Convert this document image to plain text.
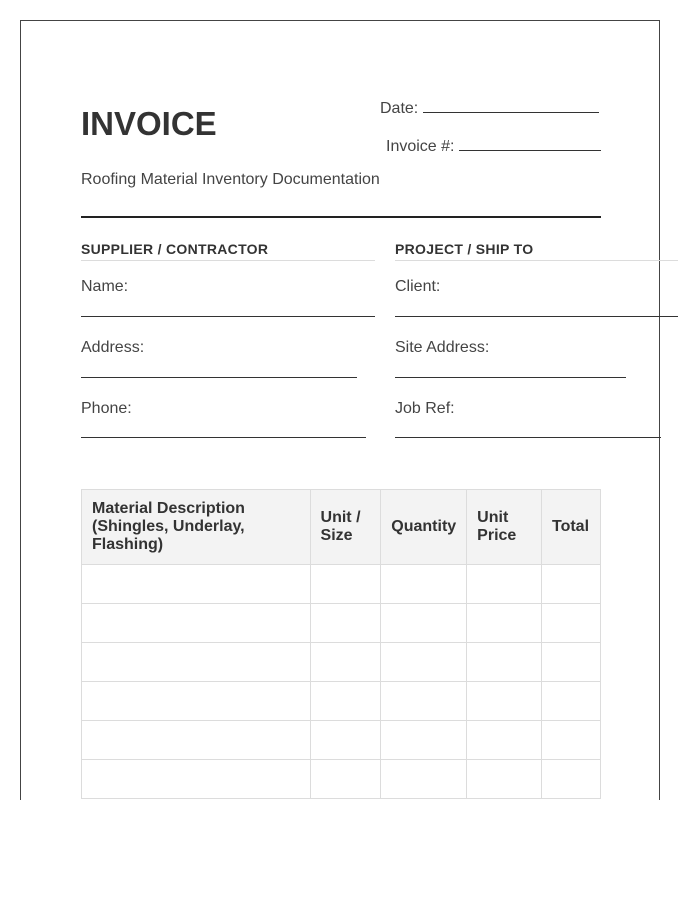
INVOICE
Roofing Material Inventory Documentation
Date:
Invoice #:
SUPPLIER / CONTRACTOR
Name:
Address:
Phone:
PROJECT / SHIP TO
Client:
Site Address:
Job Ref:
Material Description (Shingles, Underlay, Flashing)	Unit / Size	Quantity	Unit Price	Total
